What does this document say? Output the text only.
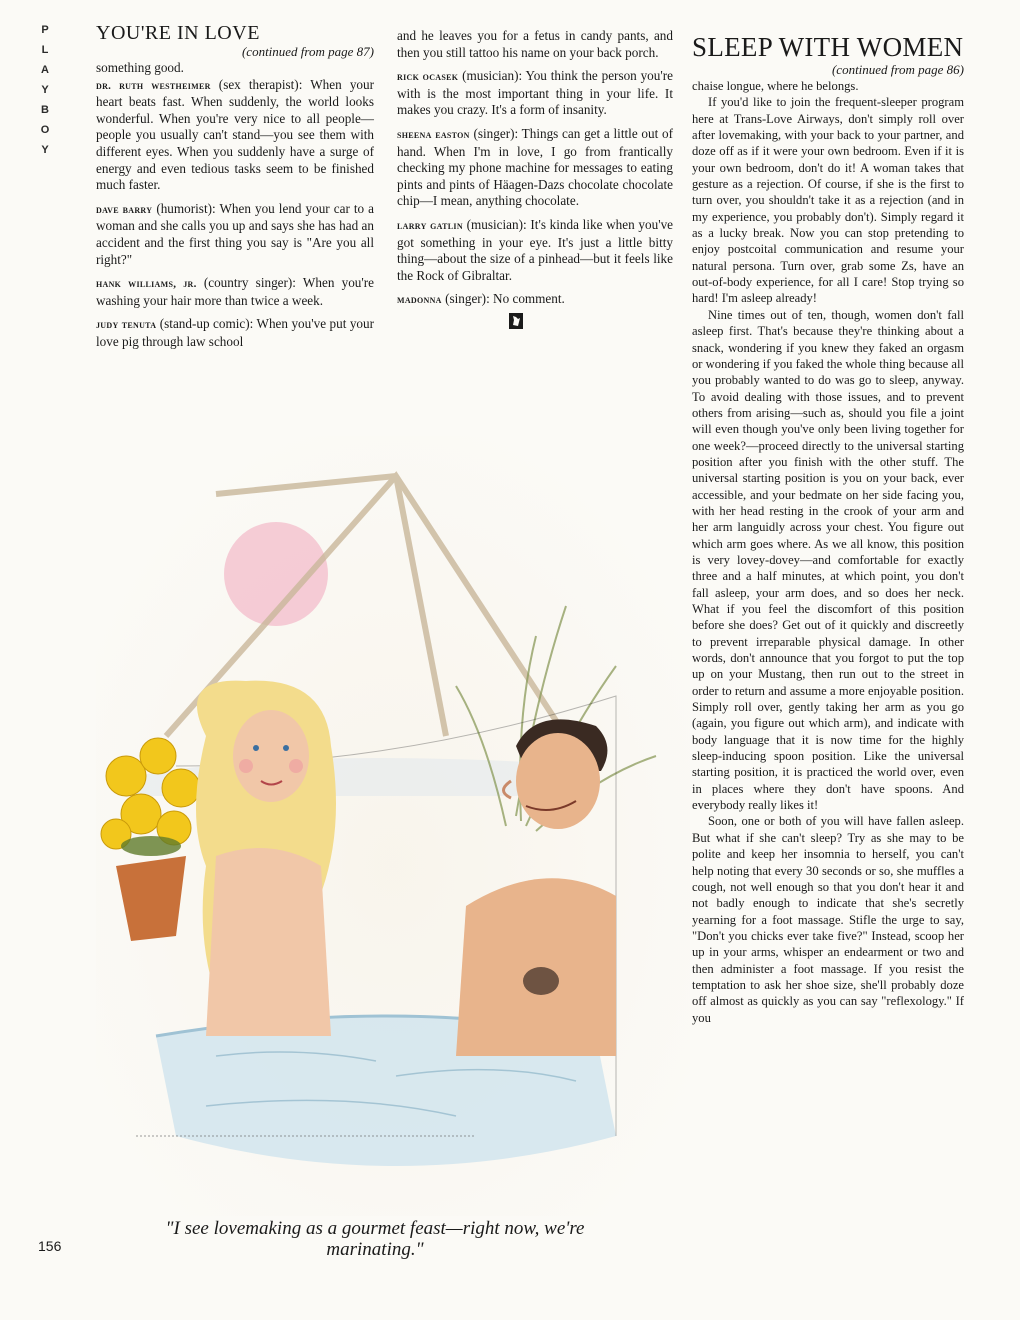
P
L
A
Y
B
O
Y

YOU'RE IN LOVE

(continued from page 87)

something good.

dr. ruth westheimer (sex therapist): When your heart beats fast. When suddenly, the world looks wonderful. When you're very nice to all people—people you usually can't stand—you see them with different eyes. When you suddenly have a surge of energy and even tedious tasks seem to be finished much faster.

dave barry (humorist): When you lend your car to a woman and she calls you up and says she has had an accident and the first thing you say is "Are you all right?"

hank williams, jr. (country singer): When you're washing your hair more than twice a week.

judy tenuta (stand-up comic): When you've put your love pig through law school

and he leaves you for a fetus in candy pants, and then you still tattoo his name on your back porch.

rick ocasek (musician): You think the person you're with is the most important thing in your life. It makes you crazy. It's a form of insanity.

sheena easton (singer): Things can get a little out of hand. When I'm in love, I go from frantically checking my phone machine for messages to eating pints and pints of Häagen-Dazs chocolate chocolate chip—I mean, anything chocolate.

larry gatlin (musician): It's kinda like when you've got something in your eye. It's just a little bitty thing—about the size of a pinhead—but it feels like the Rock of Gibraltar.

madonna (singer): No comment.

SLEEP WITH WOMEN

(continued from page 86)

chaise longue, where he belongs.

If you'd like to join the frequent-sleeper program here at Trans-Love Airways, don't simply roll over after lovemaking, with your back to your partner, and doze off as if it were your own bedroom. Even if it is your own bedroom, don't do it! A woman takes that gesture as a rejection. Of course, if she is the first to turn over, you shouldn't take it as a rejection (and in my experience, you probably don't). Simply regard it as a lucky break. Now you can stop pretending to enjoy postcoital communication and resume your natural persona. Turn over, grab some Zs, have an out-of-body experience, for all I care! Stop trying so hard! I'm asleep already!

Nine times out of ten, though, women don't fall asleep first. That's because they're thinking about a snack, wondering if you knew they faked an orgasm or wondering if you faked the whole thing because all you probably wanted to do was go to sleep, anyway. To avoid dealing with those issues, and to prevent others from arising—such as, should you file a joint will even though you've only been living together for one week?—proceed directly to the universal starting position after you finish with the other stuff. The universal starting position is you on your back, ever accessible, and your bedmate on her side facing you, with her head resting in the crook of your arm and her arm languidly across your chest. You figure out which arm goes where. As we all know, this position is very lovey-dovey—and comfortable for exactly three and a half minutes, at which point, you don't fall asleep, your arm does, and so does her neck. What if you feel the discomfort of this position before she does? Get out of it quickly and discreetly to prevent irreparable physical damage. In other words, don't announce that you forgot to put the top up on your Mustang, then run out to the street in order to return and assume a more enjoyable position. Simply roll over, gently taking her arm as you go (again, you figure out which arm), and indicate with body language that it is now time for the highly sleep-inducing spoon position. Like the universal starting position, it is practiced the world over, even in places where they don't have spoons. And everybody really likes it!

Soon, one or both of you will have fallen asleep. But what if she can't sleep? Try as she may to be polite and keep her insomnia to herself, you can't help noting that every 30 seconds or so, she muffles a cough, not well enough so that you don't hear it and not badly enough to indicate that she's secretly yearning for a foot massage. Stifle the urge to say, "Don't you chicks ever take five?" Instead, scoop her up in your arms, whisper an endearment or two and then administer a foot massage. If you resist the temptation to ask her shoe size, she'll probably doze off almost as quickly as you can say "reflexology." If you

"I see lovemaking as a gourmet feast—right now, we're marinating."
156
